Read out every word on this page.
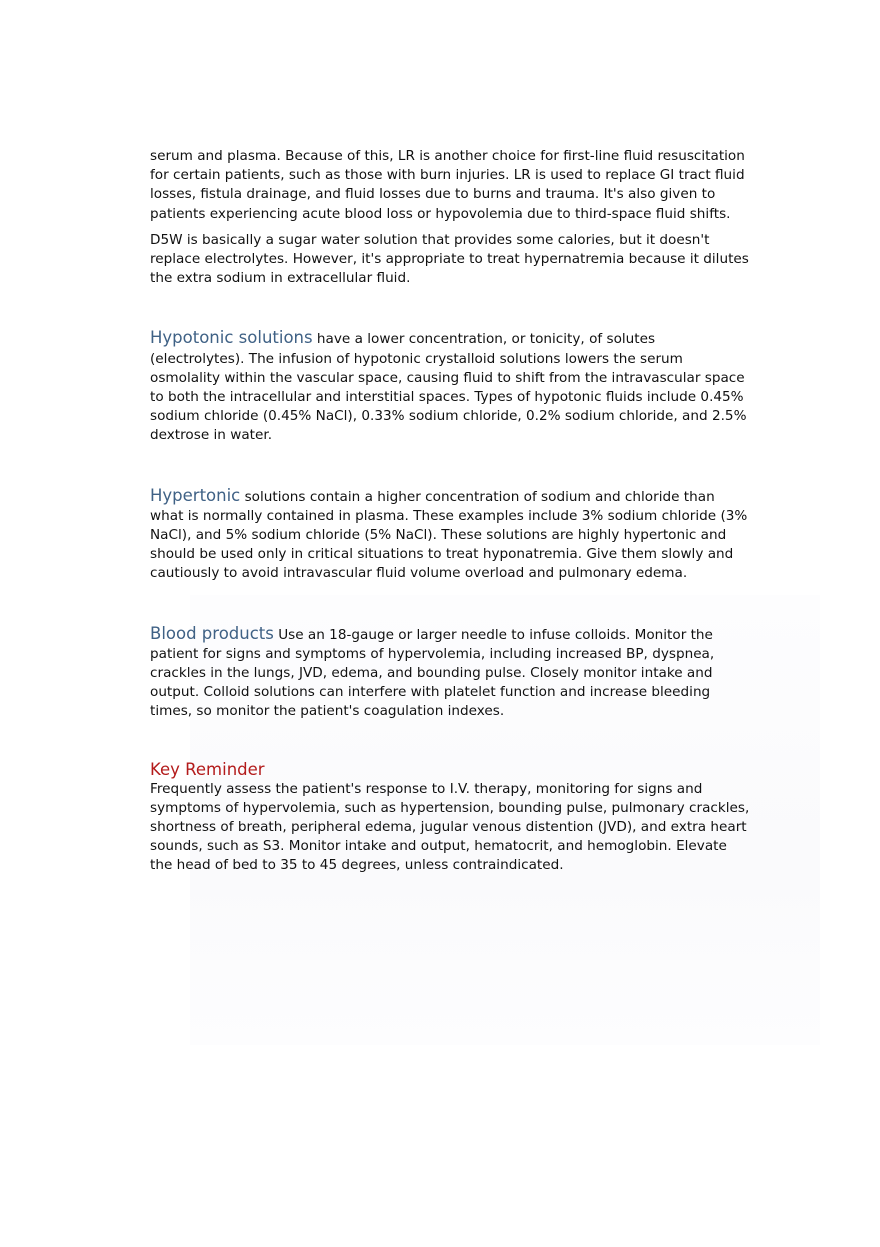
serum and plasma. Because of this, LR is another choice for first-line fluid resuscitation for certain patients, such as those with burn injuries. LR is used to replace GI tract fluid losses, fistula drainage, and fluid losses due to burns and trauma. It's also given to patients experiencing acute blood loss or hypovolemia due to third-space fluid shifts.

D5W is basically a sugar water solution that provides some calories, but it doesn't replace electrolytes. However, it's appropriate to treat hypernatremia because it dilutes the extra sodium in extracellular fluid.

Hypotonic solutions have a lower concentration, or tonicity, of solutes (electrolytes). The infusion of hypotonic crystalloid solutions lowers the serum osmolality within the vascular space, causing fluid to shift from the intravascular space to both the intracellular and interstitial spaces. Types of hypotonic fluids include 0.45% sodium chloride (0.45% NaCl), 0.33% sodium chloride, 0.2% sodium chloride, and 2.5% dextrose in water.

Hypertonic solutions contain a higher concentration of sodium and chloride than what is normally contained in plasma. These examples include 3% sodium chloride (3% NaCl), and 5% sodium chloride (5% NaCl). These solutions are highly hypertonic and should be used only in critical situations to treat hyponatremia. Give them slowly and cautiously to avoid intravascular fluid volume overload and pulmonary edema.

Blood products Use an 18-gauge or larger needle to infuse colloids. Monitor the patient for signs and symptoms of hypervolemia, including increased BP, dyspnea, crackles in the lungs, JVD, edema, and bounding pulse. Closely monitor intake and output. Colloid solutions can interfere with platelet function and increase bleeding times, so monitor the patient's coagulation indexes.

Key Reminder

Frequently assess the patient's response to I.V. therapy, monitoring for signs and symptoms of hypervolemia, such as hypertension, bounding pulse, pulmonary crackles, shortness of breath, peripheral edema, jugular venous distention (JVD), and extra heart sounds, such as S3. Monitor intake and output, hematocrit, and hemoglobin. Elevate the head of bed to 35 to 45 degrees, unless contraindicated.
